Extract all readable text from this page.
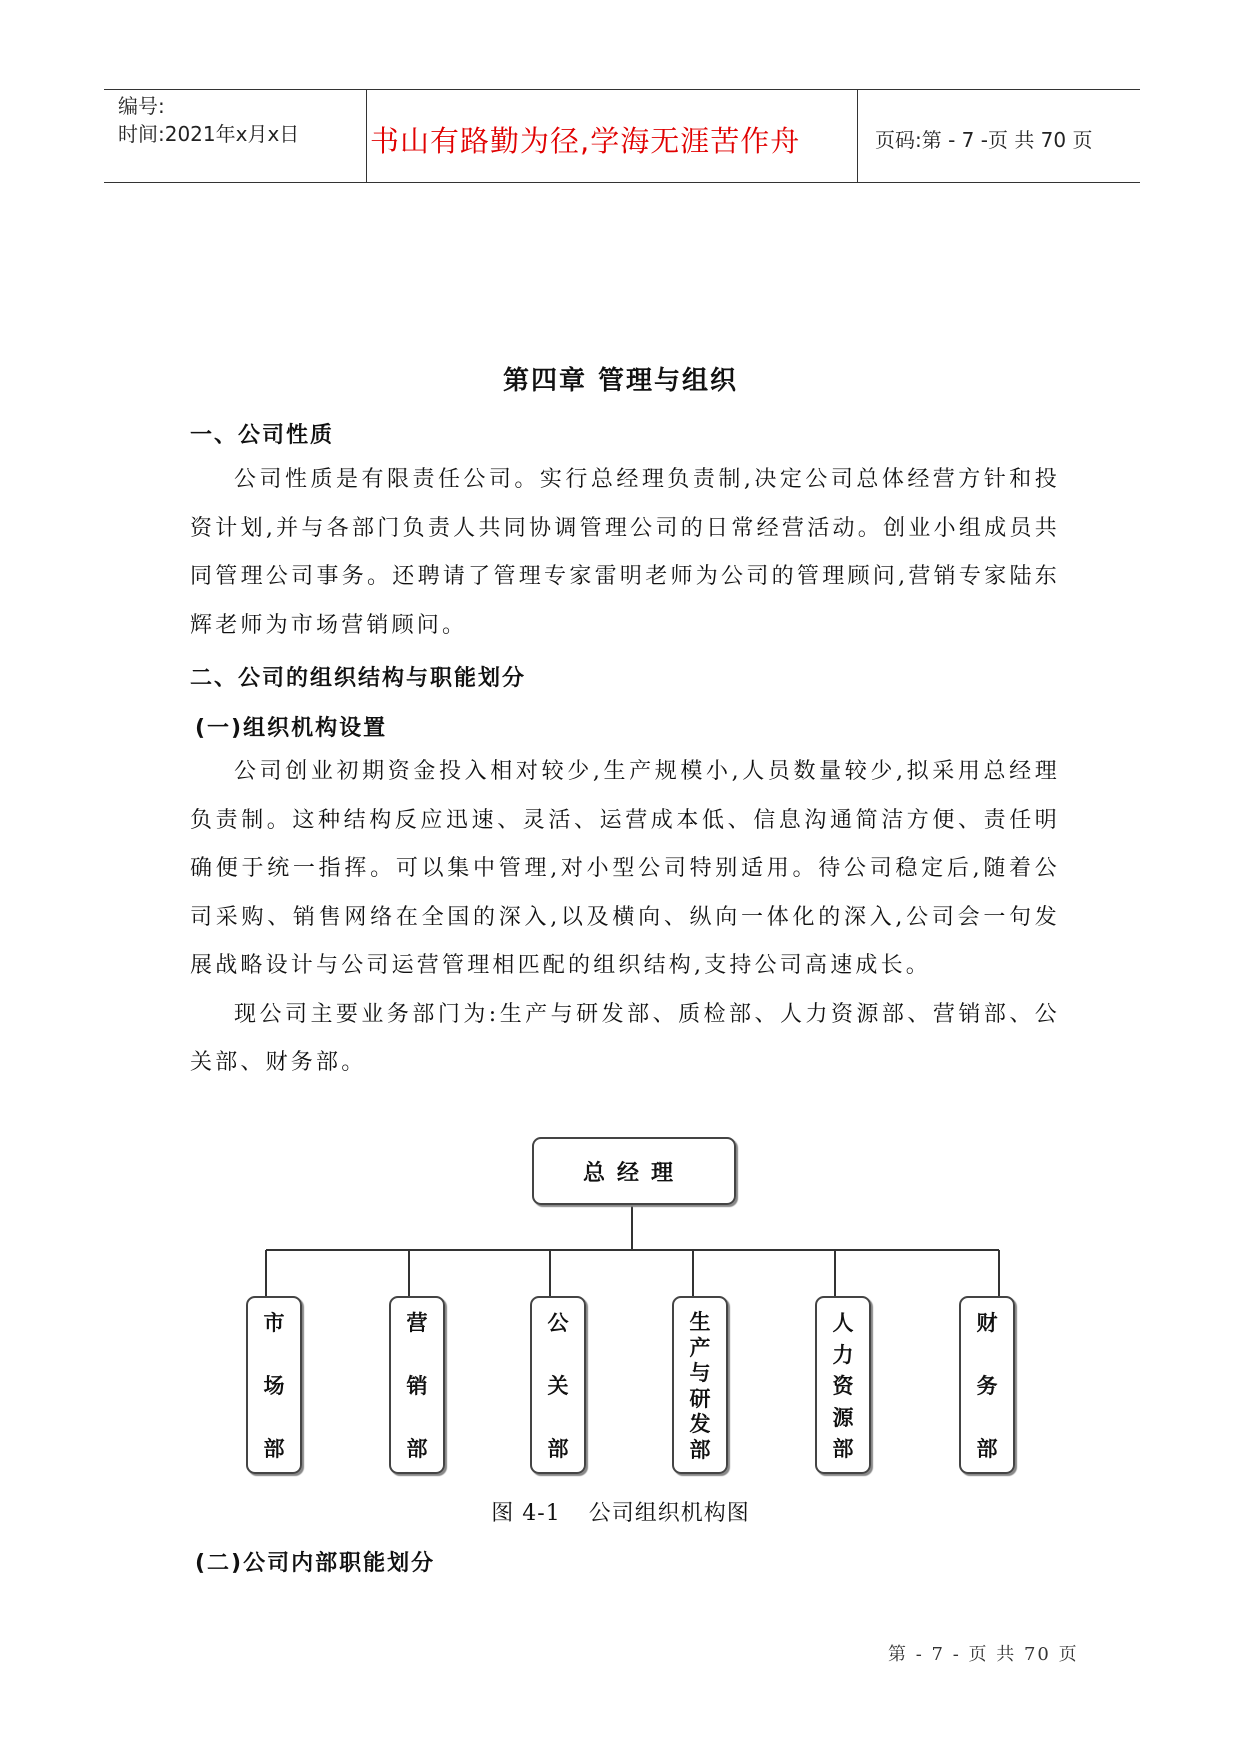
编号:
时间:2021年x月x日 书山有路勤为径,学海无涯苦作舟	页码:第 - 7 -页 共 70 页
第四章 管理与组织
一、公司性质

公司性质是有限责任公司。实行总经理负责制,决定公司总体经营方针和投资计划,并与各部门负责人共同协调管理公司的日常经营活动。创业小组成员共同管理公司事务。还聘请了管理专家雷明老师为公司的管理顾问,营销专家陆东辉老师为市场营销顾问。

二、公司的组织结构与职能划分
(一)组织机构设置

公司创业初期资金投入相对较少,生产规模小,人员数量较少,拟采用总经理负责制。这种结构反应迅速、灵活、运营成本低、信息沟通简洁方便、责任明确便于统一指挥。可以集中管理,对小型公司特别适用。待公司稳定后,随着公司采购、销售网络在全国的深入,以及横向、纵向一体化的深入,公司会一句发展战略设计与公司运营管理相匹配的组织结构,支持公司高速成长。

现公司主要业务部门为:生产与研发部、质检部、人力资源部、营销部、公关部、财务部。

总经理
市
场
部
营
销
部
公
关
部
生
产
与
研
发
部
人
力
资
源
部
财
务
部
图 4-1 公司组织机构图
(二)公司内部职能划分
第 - 7 - 页 共 70 页
